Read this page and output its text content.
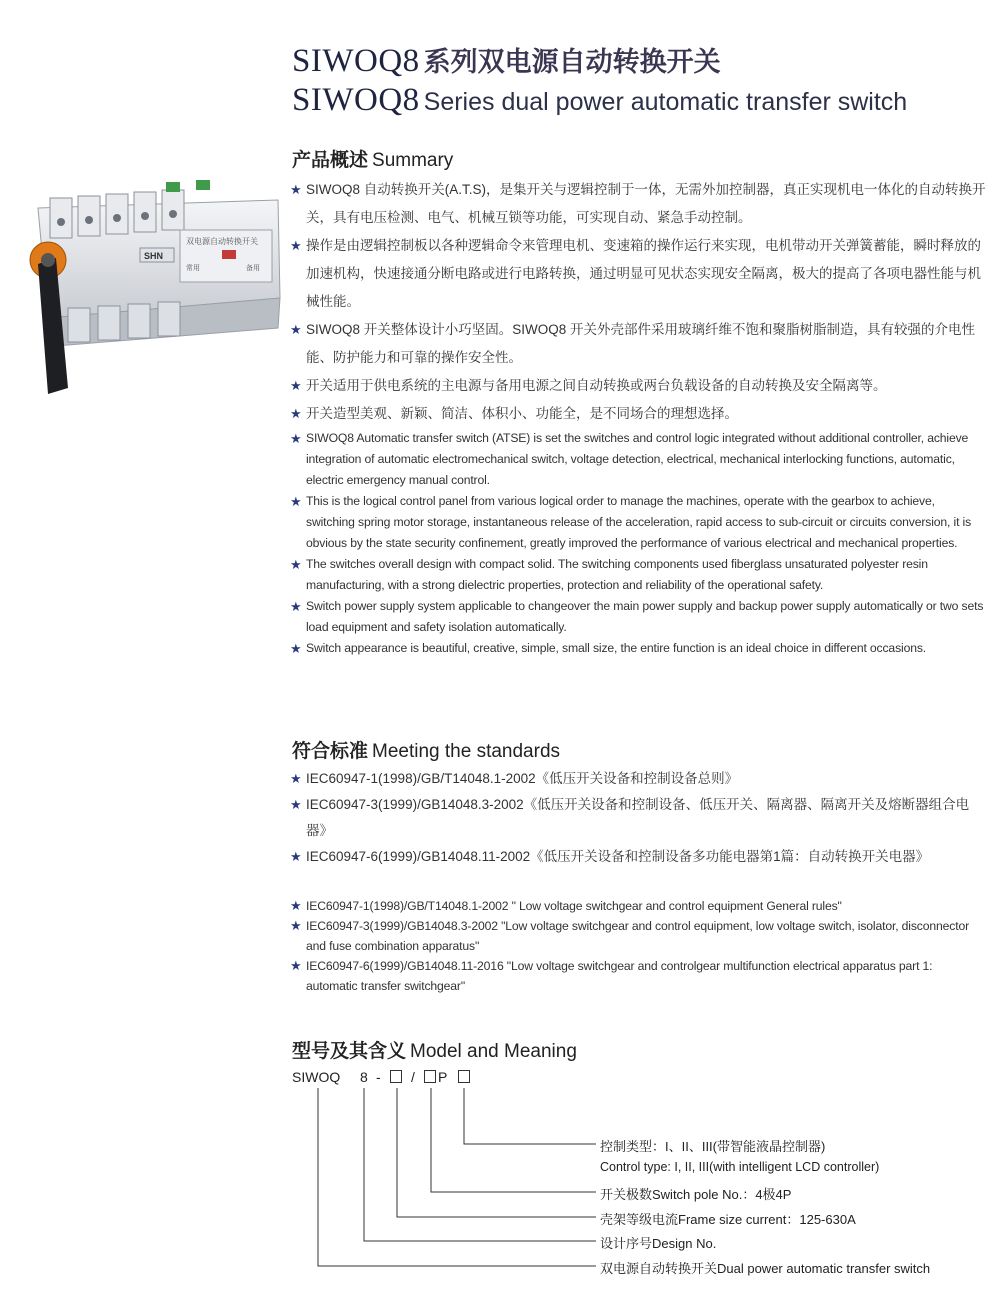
SIWOQ8 系列双电源自动转换开关
SIWOQ8 Series dual power automatic transfer switch
双电源自动转换开关
常用	备用
SHN
产品概述 Summary
★ SIWOQ8 自动转换开关(A.T.S)，是集开关与逻辑控制于一体，无需外加控制器，真正实现机电一体化的自动转换开关，具有电压检测、电气、机械互锁等功能，可实现自动、紧急手动控制。
★ 操作是由逻辑控制板以各种逻辑命令来管理电机、变速箱的操作运行来实现，电机带动开关弹簧蓄能，瞬时释放的加速机构，快速接通分断电路或进行电路转换，通过明显可见状态实现安全隔离，极大的提高了各项电器性能与机械性能。
★ SIWOQ8 开关整体设计小巧坚固。SIWOQ8 开关外壳部件采用玻璃纤维不饱和聚脂树脂制造，具有较强的介电性能、防护能力和可靠的操作安全性。
★ 开关适用于供电系统的主电源与备用电源之间自动转换或两台负载设备的自动转换及安全隔离等。
★ 开关造型美观、新颖、简洁、体积小、功能全，是不同场合的理想选择。
★ SIWOQ8 Automatic transfer switch (ATSE) is set the switches and control logic integrated without additional controller, achieve integration of automatic electromechanical switch, voltage detection, electrical, mechanical interlocking functions, automatic, electric emergency manual control.
★ This is the logical control panel from various logical order to manage the machines, operate with the gearbox to achieve, switching spring motor storage, instantaneous release of the acceleration, rapid access to sub-circuit or circuits conversion, it is obvious by the state security confinement, greatly improved the performance of various electrical and mechanical properties.
★ The switches overall design with compact solid. The switching components used fiberglass unsaturated polyester resin manufacturing, with a strong dielectric properties, protection and reliability of the operational safety.
★ Switch power supply system applicable to changeover the main power supply and backup power supply automatically or two sets load equipment and safety isolation automatically.
★ Switch appearance is beautiful, creative, simple, small size, the entire function is an ideal choice in different occasions.
符合标准 Meeting the standards
★ IEC60947-1(1998)/GB/T14048.1-2002《低压开关设备和控制设备总则》
★ IEC60947-3(1999)/GB14048.3-2002《低压开关设备和控制设备、低压开关、隔离器、隔离开关及熔断器组合电器》
★ IEC60947-6(1999)/GB14048.11-2002《低压开关设备和控制设备多功能电器第1篇：自动转换开关电器》
★ IEC60947-1(1998)/GB/T14048.1-2002 " Low voltage switchgear and control equipment General rules"
★ IEC60947-3(1999)/GB14048.3-2002 "Low voltage switchgear and control equipment, low voltage switch, isolator, disconnector and fuse combination apparatus"
★ IEC60947-6(1999)/GB14048.11-2016 "Low voltage switchgear and controlgear multifunction electrical apparatus part 1: automatic transfer switchgear"
型号及其含义 Model and Meaning
SIWOQ 8 - / P
控制类型：I、II、III(带智能液晶控制器)
Control type: I, II, III(with intelligent LCD controller)
开关极数Switch pole No.：4极4P
壳架等级电流Frame size current：125-630A
设计序号Design No.
双电源自动转换开关Dual power automatic transfer switch
